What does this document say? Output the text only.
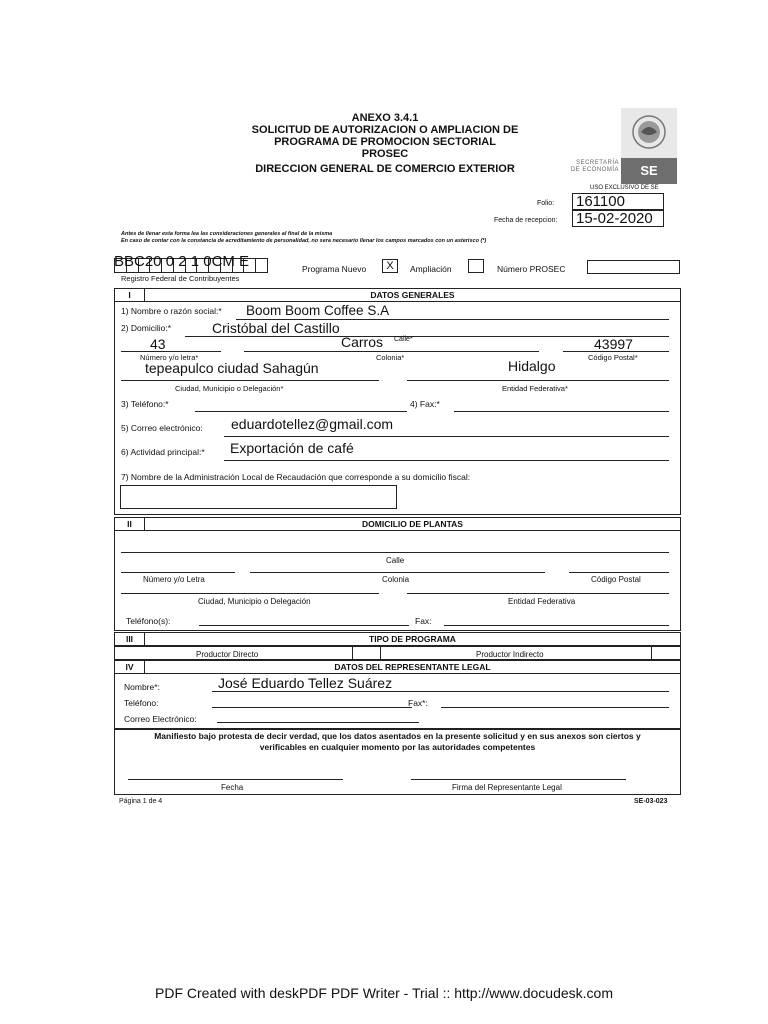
ANEXO 3.4.1
SOLICITUD DE AUTORIZACION O AMPLIACION DE
PROGRAMA DE PROMOCION SECTORIAL
PROSEC
DIRECCION GENERAL DE COMERCIO EXTERIOR	SECRETARÍA
DE ECONOMÍA	SE
USO EXCLUSIVO DE SE
Folio: 161100
Fecha de recepcion: 15-02-2020
Antes de llenar esta forma lea las consideraciones generales al final de la misma
En caso de contar con la constancia de acreditamiento de personalidad, no sera necesario llenar los campos marcados con un asterisco (*)
BBC20 0 2 1 0CM E
Registro Federal de Contribuyentes
Programa Nuevo	X	Ampliación	Número PROSEC
I	DATOS GENERALES
1) Nombre o razón social:* Boom Boom Coffee S.A
2) Domicilio:*	Cristóbal del Castillo
43	Carros Calle*	43997
Número y/o letra*	Colonia*	Código Postal*
tepeapulco ciudad Sahagún	Hidalgo
Ciudad, Municipio o Delegación*	Entidad Federativa*
3) Teléfono:*	4) Fax:*
5) Correo electrónico: eduardotellez@gmail.com
6) Actividad principal:* Exportación de café
7) Nombre de la Administración Local de Recaudación que corresponde a su domicilio fiscal:
II	DOMICILIO DE PLANTAS
Calle
Número y/o Letra	Colonia	Código Postal
Ciudad, Municipio o Delegación	Entidad Federativa
Teléfono(s):	Fax:
III	TIPO DE PROGRAMA
Productor Directo	Productor Indirecto
IV	DATOS DEL REPRESENTANTE LEGAL
Nombre*:	José Eduardo Tellez Suárez
Teléfono:	Fax*:
Correo Electrónico:
Manifiesto bajo protesta de decir verdad, que los datos asentados en la presente solicitud y en sus anexos son ciertos y
verificables en cualquier momento por las autoridades competentes
Fecha	Firma del Representante Legal
Página 1 de 4	SE-03-023
PDF Created with deskPDF PDF Writer - Trial :: http://www.docudesk.com
